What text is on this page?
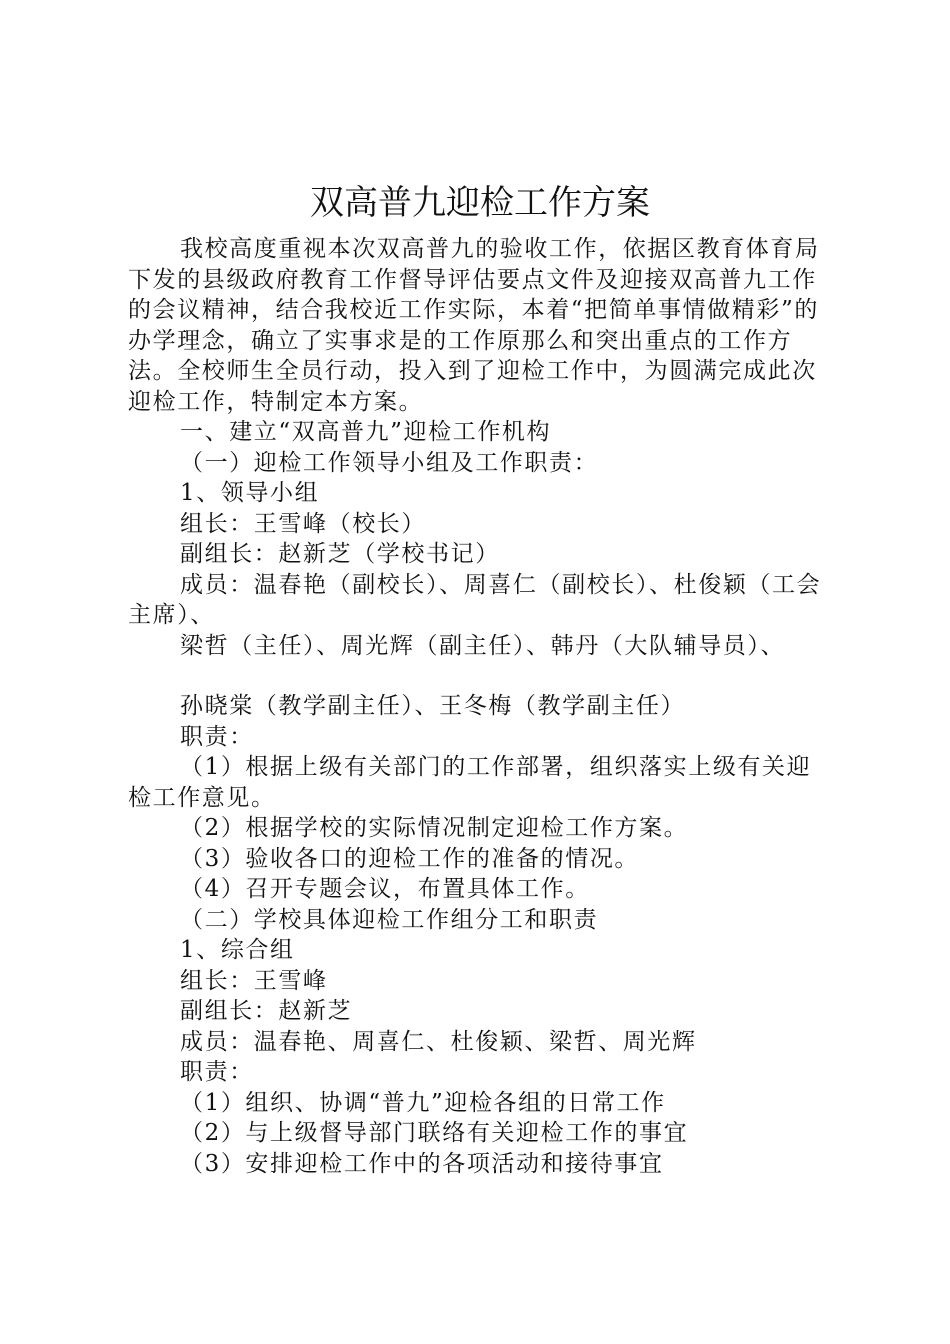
双高普九迎检工作方案

我校高度重视本次双高普九的验收工作，依据区教育体育局下发的县级政府教育工作督导评估要点文件及迎接双高普九工作的会议精神，结合我校近工作实际，本着“把简单事情做精彩”的办学理念，确立了实事求是的工作原那么和突出重点的工作方法。全校师生全员行动，投入到了迎检工作中，为圆满完成此次迎检工作，特制定本方案。

一、建立“双高普九”迎检工作机构

（一）迎检工作领导小组及工作职责：

1、领导小组

组长：王雪峰（校长）

副组长：赵新芝（学校书记）

成员：温春艳（副校长）、周喜仁（副校长）、杜俊颖（工会主席）、

梁哲（主任）、周光辉（副主任）、韩丹（大队辅导员）、

孙晓棠（教学副主任）、王冬梅（教学副主任）

职责：

（1）根据上级有关部门的工作部署，组织落实上级有关迎检工作意见。

（2）根据学校的实际情况制定迎检工作方案。

（3）验收各口的迎检工作的准备的情况。

（4）召开专题会议，布置具体工作。

（二）学校具体迎检工作组分工和职责

1、综合组

组长：王雪峰

副组长：赵新芝

成员：温春艳、周喜仁、杜俊颖、梁哲、周光辉

职责：

（1）组织、协调“普九”迎检各组的日常工作

（2）与上级督导部门联络有关迎检工作的事宜

（3）安排迎检工作中的各项活动和接待事宜
